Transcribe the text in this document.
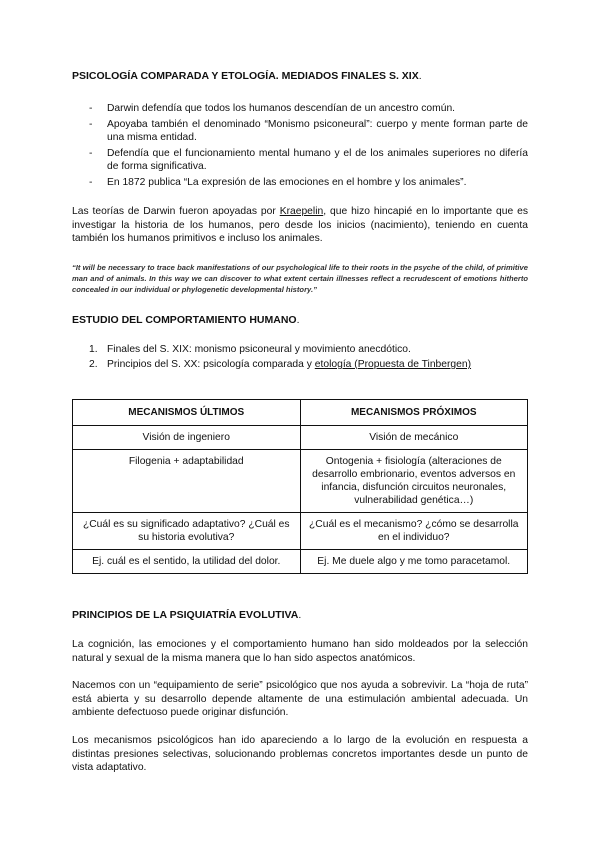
PSICOLOGÍA COMPARADA Y ETOLOGÍA. MEDIADOS FINALES S. XIX.
- Darwin defendía que todos los humanos descendían de un ancestro común.
- Apoyaba también el denominado “Monismo psiconeural”: cuerpo y mente forman parte de una misma entidad.
- Defendía que el funcionamiento mental humano y el de los animales superiores no difería de forma significativa.
- En 1872 publica “La expresión de las emociones en el hombre y los animales”.

Las teorías de Darwin fueron apoyadas por Kraepelin, que hizo hincapié en lo importante que es investigar la historia de los humanos, pero desde los inicios (nacimiento), teniendo en cuenta también los humanos primitivos e incluso los animales.

“It will be necessary to trace back manifestations of our psychological life to their roots in the psyche of the child, of primitive man and of animals. In this way we can discover to what extent certain illnesses reflect a recrudescent of emotions hitherto concealed in our individual or phylogenetic developmental history.”

ESTUDIO DEL COMPORTAMIENTO HUMANO.
1. Finales del S. XIX: monismo psiconeural y movimiento anecdótico.
2. Principios del S. XX: psicología comparada y etología (Propuesta de Tinbergen)
MECANISMOS ÚLTIMOS	MECANISMOS PRÓXIMOS
Visión de ingeniero	Visión de mecánico
Filogenia + adaptabilidad	Ontogenia + fisiología (alteraciones de desarrollo embrionario, eventos adversos en infancia, disfunción circuitos neuronales, vulnerabilidad genética…)
¿Cuál es su significado adaptativo? ¿Cuál es su historia evolutiva?	¿Cuál es el mecanismo? ¿cómo se desarrolla en el individuo?
Ej. cuál es el sentido, la utilidad del dolor.	Ej. Me duele algo y me tomo paracetamol.
PRINCIPIOS DE LA PSIQUIATRÍA EVOLUTIVA.

La cognición, las emociones y el comportamiento humano han sido moldeados por la selección natural y sexual de la misma manera que lo han sido aspectos anatómicos.

Nacemos con un “equipamiento de serie” psicológico que nos ayuda a sobrevivir. La “hoja de ruta” está abierta y su desarrollo depende altamente de una estimulación ambiental adecuada. Un ambiente defectuoso puede originar disfunción.

Los mecanismos psicológicos han ido apareciendo a lo largo de la evolución en respuesta a distintas presiones selectivas, solucionando problemas concretos importantes desde un punto de vista adaptativo.
